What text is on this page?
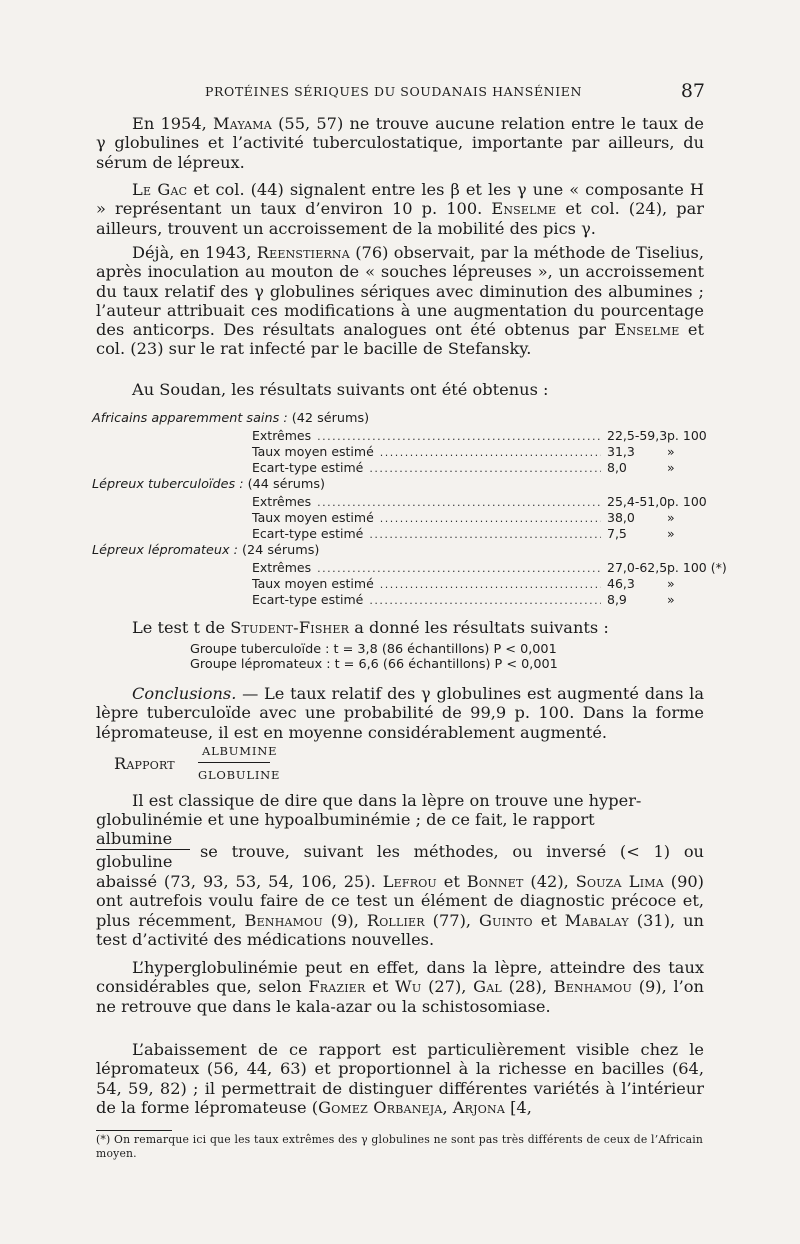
PROTÉINES SÉRIQUES DU SOUDANAIS HANSÉNIEN	87
En 1954, Mayama (55, 57) ne trouve aucune relation entre le taux de γ globulines et l’activité tuberculostatique, importante par ailleurs, du sérum de lépreux.
Le Gac et col. (44) signalent entre les β et les γ une « composante H » représentant un taux d’environ 10 p. 100. Enselme et col. (24), par ailleurs, trouvent un accroissement de la mobilité des pics γ.
Déjà, en 1943, Reenstierna (76) observait, par la méthode de Tiselius, après inoculation au mouton de « souches lépreuses », un accroissement du taux relatif des γ globulines sériques avec diminution des albumines ; l’auteur attribuait ces modifications à une augmentation du pourcentage des anticorps. Des résultats analogues ont été obtenus par Enselme et col. (23) sur le rat infecté par le bacille de Stefansky.
Au Soudan, les résultats suivants ont été obtenus :
Africains apparemment sains : (42 sérums)
Extrêmes .....	22,5-59,3 p. 100
Taux moyen estimé .....	31,3	»
Ecart-type estimé .....	8,0	»
Lépreux tuberculoïdes : (44 sérums)
Extrêmes .....	25,4-51,0 p. 100
Taux moyen estimé .....	38,0	»
Ecart-type estimé .....	7,5	»
Lépreux lépromateux : (24 sérums)
Extrêmes .....	27,0-62,5 p. 100 (*)
Taux moyen estimé .....	46,3	»
Ecart-type estimé .....	8,9	»
Le test t de Student-Fisher a donné les résultats suivants :
Groupe tuberculoïde : t = 3,8 (86 échantillons) P < 0,001
Groupe lépromateux : t = 6,6 (66 échantillons) P < 0,001
Conclusions. — Le taux relatif des γ globulines est augmenté dans la lèpre tuberculoïde avec une probabilité de 99,9 p. 100. Dans la forme lépromateuse, il est en moyenne considérablement augmenté.
Rapport
ALBUMINE
GLOBULINE
Il est classique de dire que dans la lèpre on trouve une hyper-
globulinémie et une hypoalbuminémie ; de ce fait, le rapport
albumine
globuline
se trouve, suivant les méthodes, ou inversé (< 1) ou
abaissé (73, 93, 53, 54, 106, 25). Lefrou et Bonnet (42), Souza Lima (90) ont autrefois voulu faire de ce test un élément de diagnostic précoce et, plus récemment, Benhamou (9), Rollier (77), Guinto et Mabalay (31), un test d’activité des médications nouvelles.
L’hyperglobulinémie peut en effet, dans la lèpre, atteindre des taux considérables que, selon Frazier et Wu (27), Gal (28), Benhamou (9), l’on ne retrouve que dans le kala-azar ou la schistosomiase.
L’abaissement de ce rapport est particulièrement visible chez le lépromateux (56, 44, 63) et proportionnel à la richesse en bacilles (64, 54, 59, 82) ; il permettrait de distinguer différentes variétés à l’intérieur de la forme lépromateuse (Gomez Orbaneja, Arjona [4,
(*) On remarque ici que les taux extrêmes des γ globulines ne sont pas très différents de ceux de l’Africain moyen.
